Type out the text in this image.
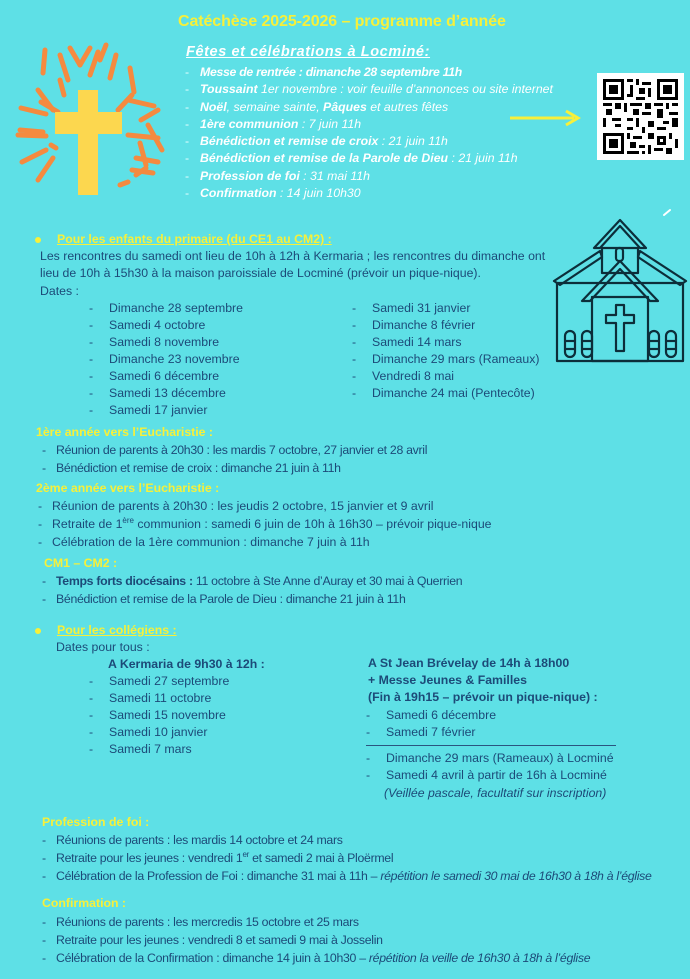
Catéchèse 2025-2026 – programme d’année
Fêtes et célébrations à Locminé:
- Messe de rentrée : dimanche 28 septembre 11h
- Toussaint 1er novembre : voir feuille d’annonces ou site internet
- Noël, semaine sainte, Pâques et autres fêtes
- 1ère communion : 7 juin 11h
- Bénédiction et remise de croix : 21 juin 11h
- Bénédiction et remise de la Parole de Dieu : 21 juin 11h
- Profession de foi : 31 mai 11h
- Confirmation : 14 juin 10h30
Pour les enfants du primaire (du CE1 au CM2) :
Les rencontres du samedi ont lieu de 10h à 12h à Kermaria ; les rencontres du dimanche ont lieu de 10h à 15h30 à la maison paroissiale de Locminé (prévoir un pique-nique).
Dates :
- Dimanche 28 septembre
- Samedi 4 octobre
- Samedi 8 novembre
- Dimanche 23 novembre
- Samedi 6 décembre
- Samedi 13 décembre
- Samedi 17 janvier
- Samedi 31 janvier
- Dimanche 8 février
- Samedi 14 mars
- Dimanche 29 mars (Rameaux)
- Vendredi 8 mai
- Dimanche 24 mai (Pentecôte)
1ère année vers l’Eucharistie :
- Réunion de parents à 20h30 : les mardis 7 octobre, 27 janvier et 28 avril
- Bénédiction et remise de croix : dimanche 21 juin à 11h
2ème année vers l’Eucharistie :
- Réunion de parents à 20h30 : les jeudis 2 octobre, 15 janvier et 9 avril
- Retraite de 1ère communion : samedi 6 juin de 10h à 16h30 – prévoir pique-nique
- Célébration de la 1ère communion : dimanche 7 juin à 11h
CM1 – CM2 :
- Temps forts diocésains : 11 octobre à Ste Anne d’Auray et 30 mai à Querrien
- Bénédiction et remise de la Parole de Dieu : dimanche 21 juin à 11h
Pour les collégiens :
Dates pour tous :
A Kermaria de 9h30 à 12h :
- Samedi 27 septembre
- Samedi 11 octobre
- Samedi 15 novembre
- Samedi 10 janvier
- Samedi 7 mars
A St Jean Brévelay de 14h à 18h00
+ Messe Jeunes & Familles
(Fin à 19h15 – prévoir un pique-nique) :
- Samedi 6 décembre
- Samedi 7 février
- Dimanche 29 mars (Rameaux) à Locminé
- Samedi 4 avril à partir de 16h à Locminé
(Veillée pascale, facultatif sur inscription)
Profession de foi :
- Réunions de parents : les mardis 14 octobre et 24 mars
- Retraite pour les jeunes : vendredi 1er et samedi 2 mai à Ploërmel
- Célébration de la Profession de Foi : dimanche 31 mai à 11h – répétition le samedi 30 mai de 16h30 à 18h à l’église
Confirmation :
- Réunions de parents : les mercredis 15 octobre et 25 mars
- Retraite pour les jeunes : vendredi 8 et samedi 9 mai à Josselin
- Célébration de la Confirmation : dimanche 14 juin à 10h30 – répétition la veille de 16h30 à 18h à l’église
